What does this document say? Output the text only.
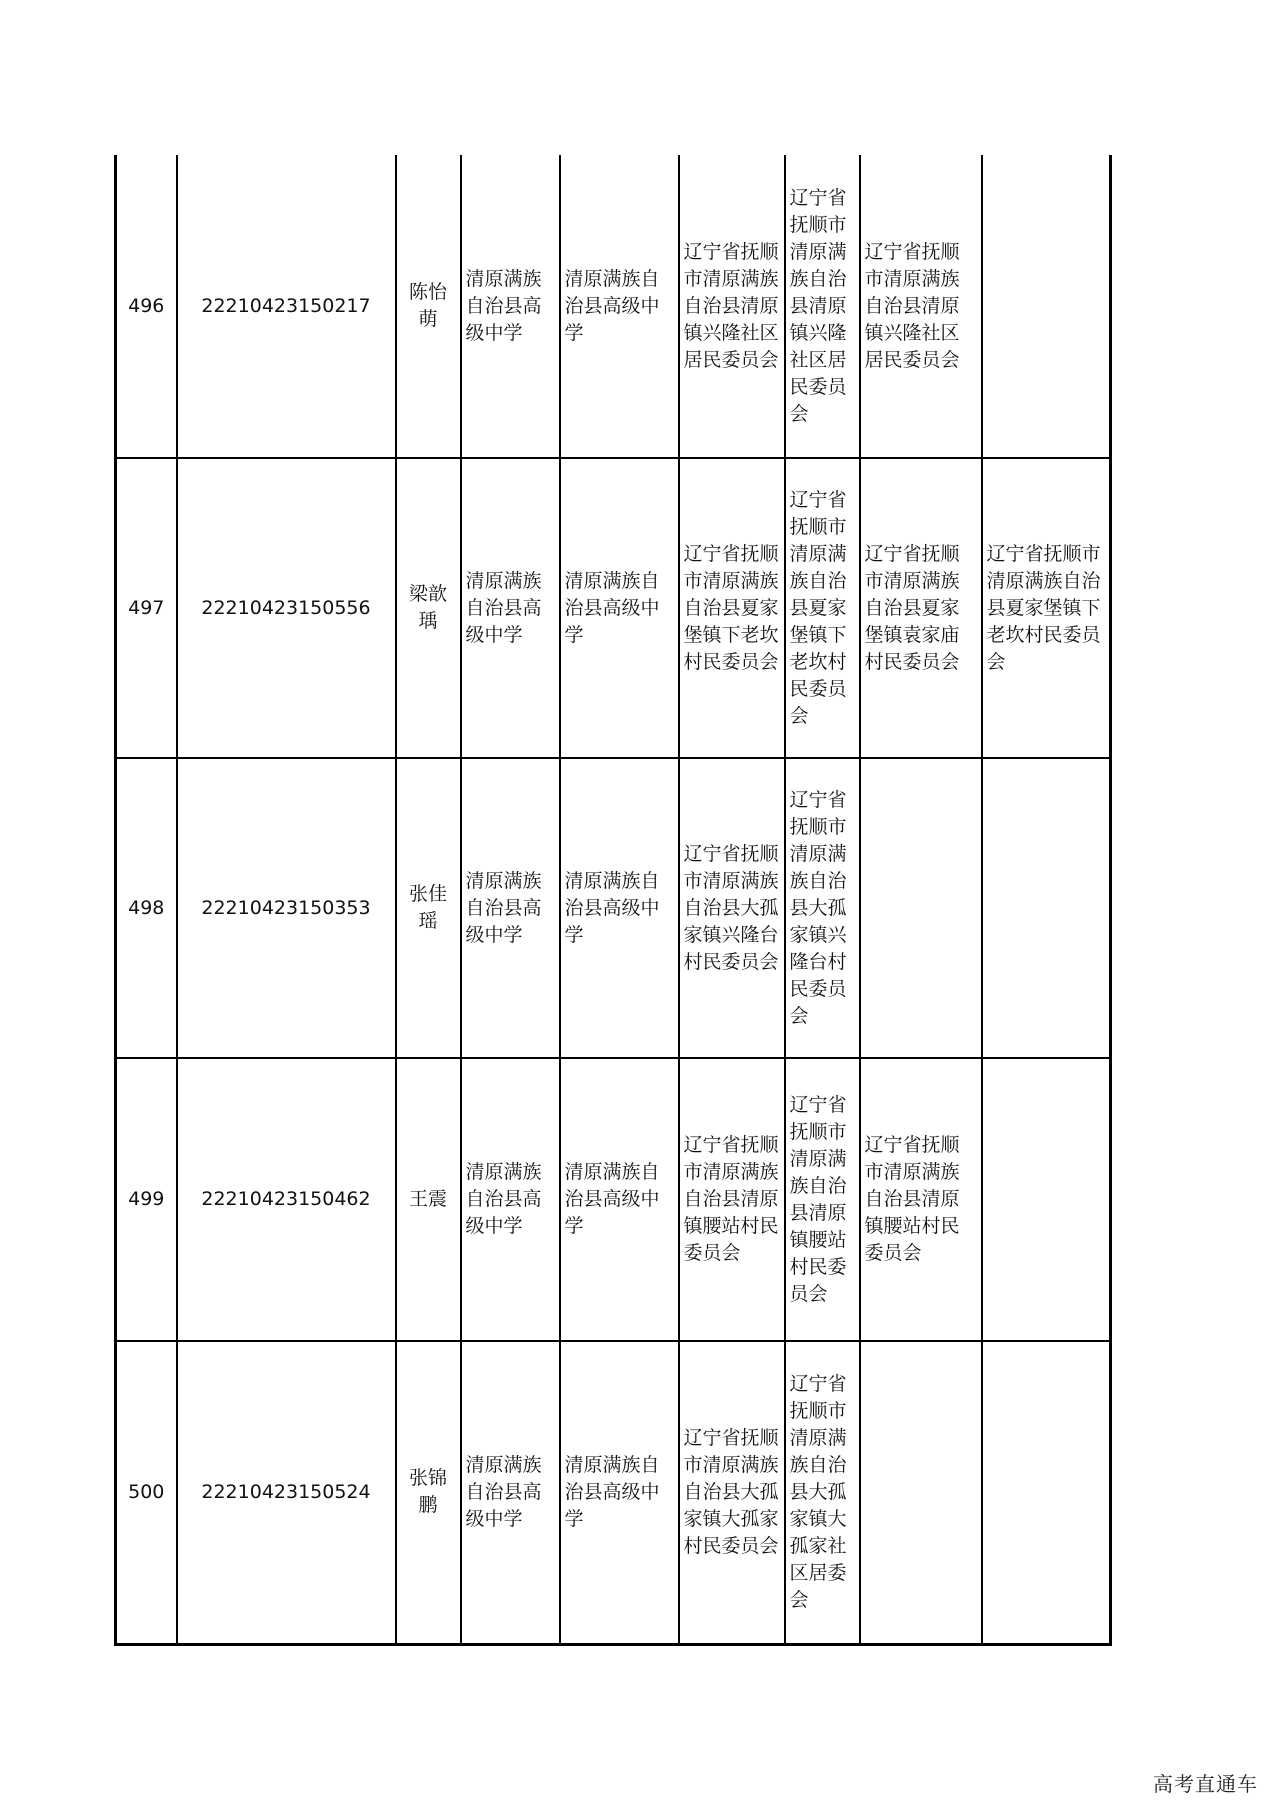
496	22210423150217	陈怡萌	清原满族自治县高级中学	清原满族自治县高级中学	辽宁省抚顺市清原满族自治县清原镇兴隆社区居民委员会	辽宁省抚顺市清原满族自治县清原镇兴隆社区居民委员会	辽宁省抚顺市清原满族自治县清原镇兴隆社区居民委员会	
497	22210423150556	梁歆瑀	清原满族自治县高级中学	清原满族自治县高级中学	辽宁省抚顺市清原满族自治县夏家堡镇下老坎村民委员会	辽宁省抚顺市清原满族自治县夏家堡镇下老坎村民委员会	辽宁省抚顺市清原满族自治县夏家堡镇袁家庙村民委员会	辽宁省抚顺市清原满族自治县夏家堡镇下老坎村民委员会
498	22210423150353	张佳瑶	清原满族自治县高级中学	清原满族自治县高级中学	辽宁省抚顺市清原满族自治县大孤家镇兴隆台村民委员会	辽宁省抚顺市清原满族自治县大孤家镇兴隆台村民委员会		
499	22210423150462	王震	清原满族自治县高级中学	清原满族自治县高级中学	辽宁省抚顺市清原满族自治县清原镇腰站村民委员会	辽宁省抚顺市清原满族自治县清原镇腰站村民委员会	辽宁省抚顺市清原满族自治县清原镇腰站村民委员会	
500	22210423150524	张锦鹏	清原满族自治县高级中学	清原满族自治县高级中学	辽宁省抚顺市清原满族自治县大孤家镇大孤家村民委员会	辽宁省抚顺市清原满族自治县大孤家镇大孤家社区居委会		
高考直通车
